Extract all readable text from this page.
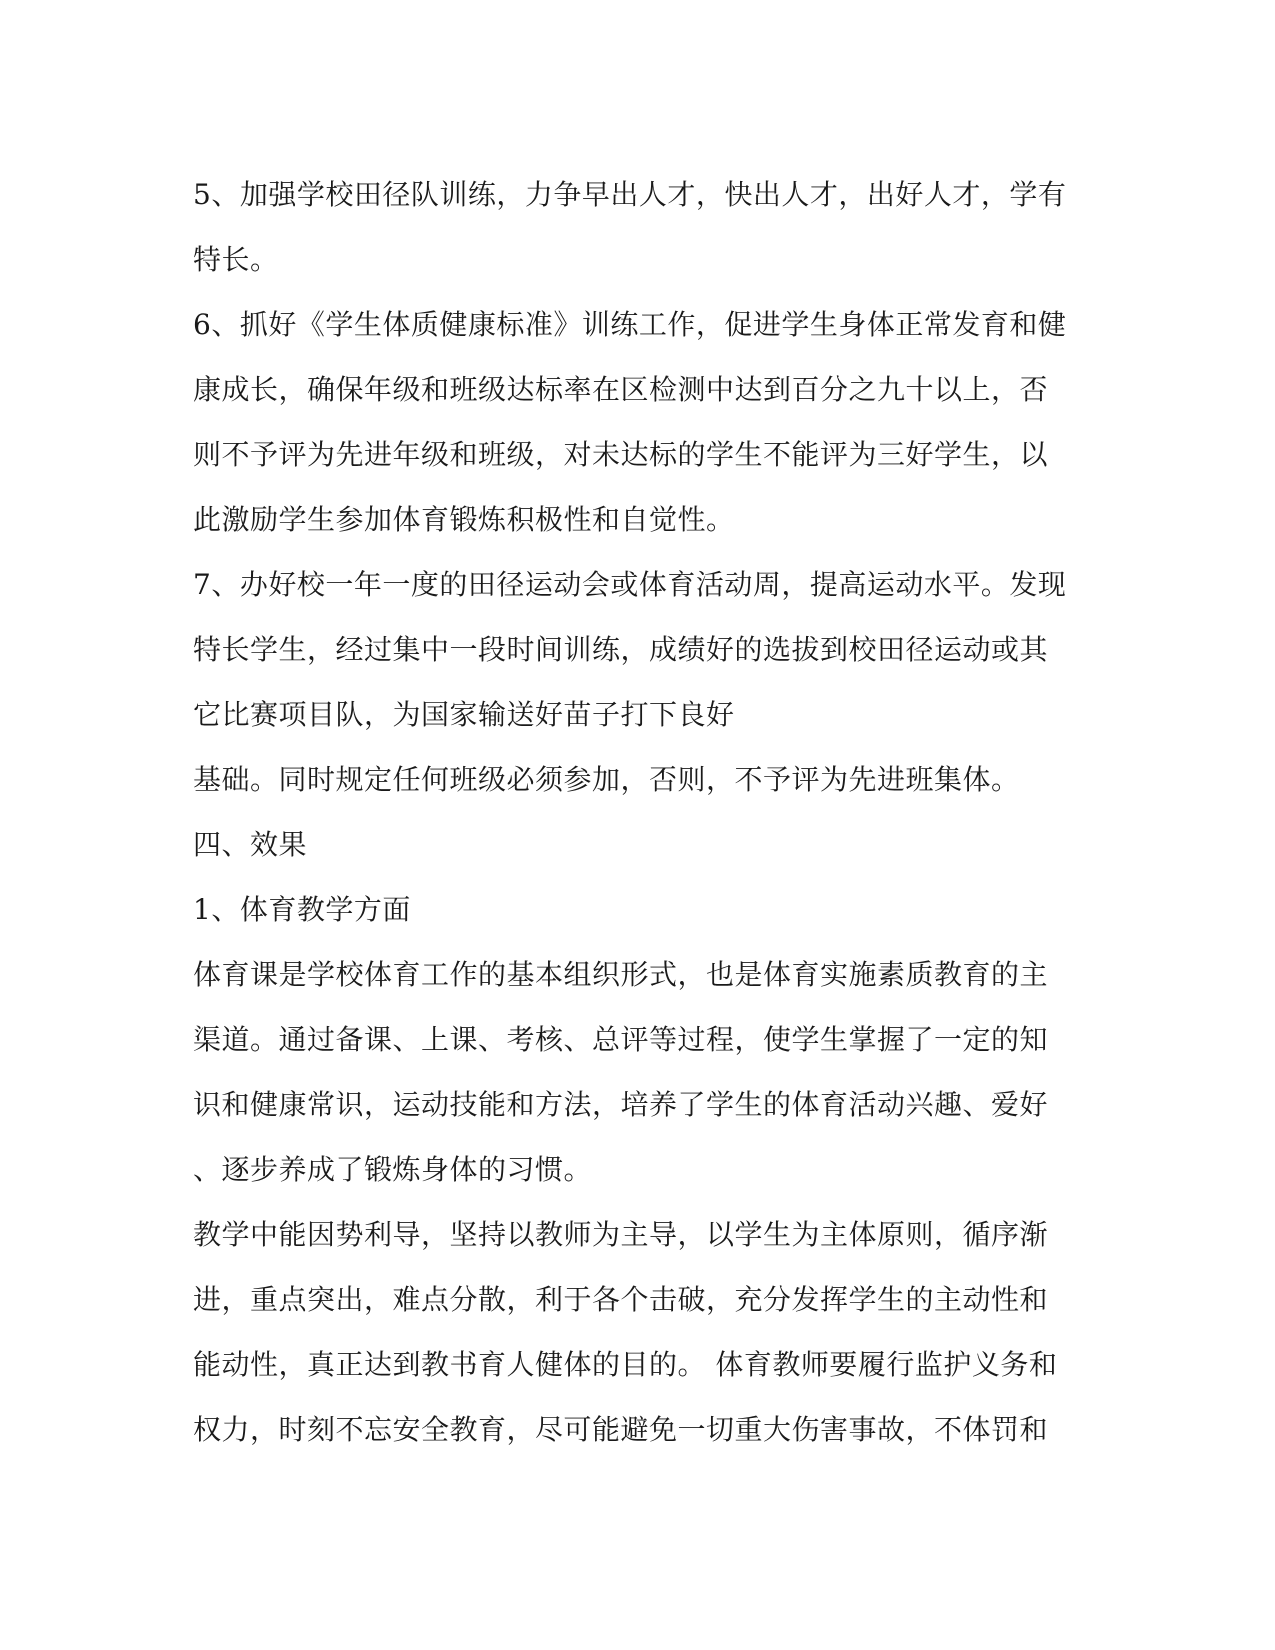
5、加强学校田径队训练，力争早出人才，快出人才，出好人才，学有
特长。
6、抓好《学生体质健康标准》训练工作，促进学生身体正常发育和健
康成长，确保年级和班级达标率在区检测中达到百分之九十以上，否
则不予评为先进年级和班级，对未达标的学生不能评为三好学生，以
此激励学生参加体育锻炼积极性和自觉性。
7、办好校一年一度的田径运动会或体育活动周，提高运动水平。发现
特长学生，经过集中一段时间训练，成绩好的选拔到校田径运动或其
它比赛项目队，为国家输送好苗子打下良好
基础。同时规定任何班级必须参加，否则，不予评为先进班集体。
四、效果
1、体育教学方面
体育课是学校体育工作的基本组织形式，也是体育实施素质教育的主
渠道。通过备课、上课、考核、总评等过程，使学生掌握了一定的知
识和健康常识，运动技能和方法，培养了学生的体育活动兴趣、爱好
、逐步养成了锻炼身体的习惯。
教学中能因势利导，坚持以教师为主导，以学生为主体原则，循序渐
进，重点突出，难点分散，利于各个击破，充分发挥学生的主动性和
能动性，真正达到教书育人健体的目的。 体育教师要履行监护义务和
权力，时刻不忘安全教育，尽可能避免一切重大伤害事故，不体罚和
